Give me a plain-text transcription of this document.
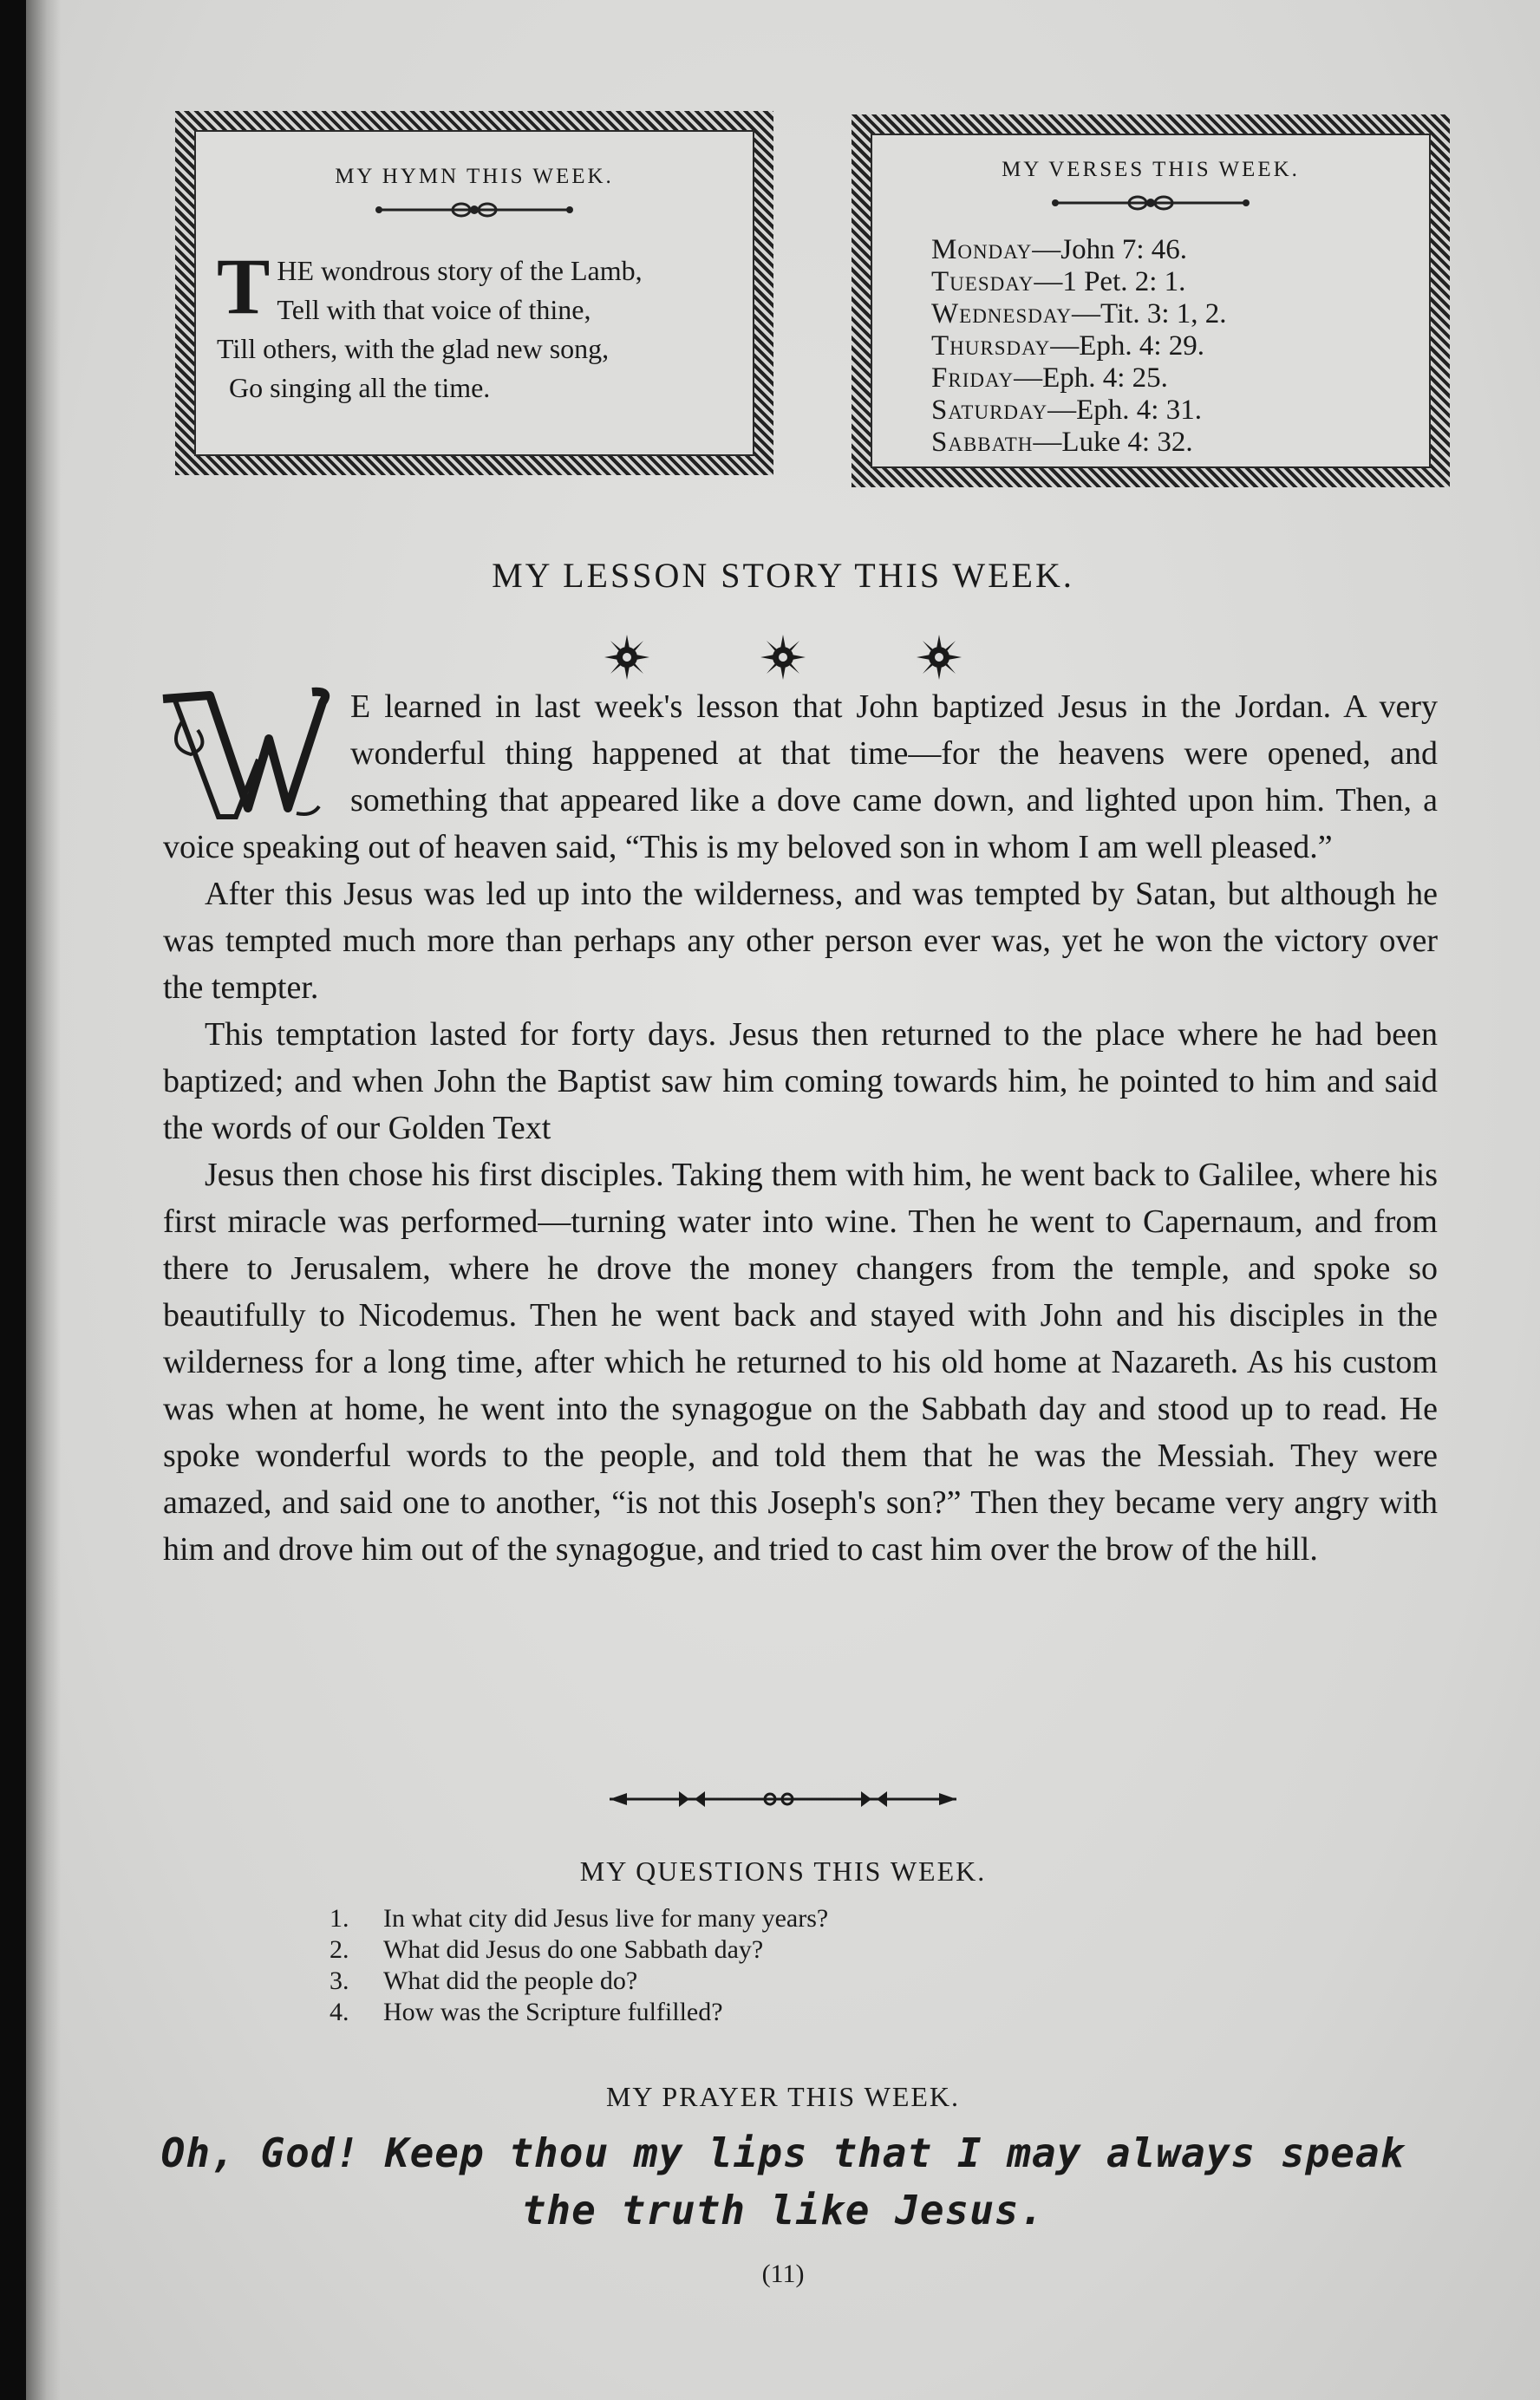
MY HYMN THIS WEEK.
T HE wondrous story of the Lamb,
Tell with that voice of thine,
Till others, with the glad new song,
Go singing all the time.
MY VERSES THIS WEEK.
Monday—John 7: 46.
Tuesday—1 Pet. 2: 1.
Wednesday—Tit. 3: 1, 2.
Thursday—Eph. 4: 29.
Friday—Eph. 4: 25.
Saturday—Eph. 4: 31.
Sabbath—Luke 4: 32.
MY LESSON STORY THIS WEEK.

E learned in last week's lesson that John baptized Jesus in the Jordan. A very wonderful thing happened at that time—for the heavens were opened, and something that appeared like a dove came down, and lighted upon him. Then, a voice speaking out of heaven said, “This is my beloved son in whom I am well pleased.”

After this Jesus was led up into the wilderness, and was tempted by Satan, but although he was tempted much more than perhaps any other person ever was, yet he won the victory over the tempter.

This temptation lasted for forty days. Jesus then returned to the place where he had been baptized; and when John the Baptist saw him coming towards him, he pointed to him and said the words of our Golden Text

Jesus then chose his first disciples. Taking them with him, he went back to Galilee, where his first miracle was performed—turning water into wine. Then he went to Capernaum, and from there to Jerusalem, where he drove the money changers from the temple, and spoke so beautifully to Nicodemus. Then he went back and stayed with John and his disciples in the wilderness for a long time, after which he returned to his old home at Nazareth. As his custom was when at home, he went into the synagogue on the Sabbath day and stood up to read. He spoke wonderful words to the people, and told them that he was the Messiah. They were amazed, and said one to another, “is not this Joseph's son?” Then they became very angry with him and drove him out of the synagogue, and tried to cast him over the brow of the hill.

MY QUESTIONS THIS WEEK.
1. In what city did Jesus live for many years?
2. What did Jesus do one Sabbath day?
3. What did the people do?
4. How was the Scripture fulfilled?
MY PRAYER THIS WEEK.
Oh, God! Keep thou my lips that I may always speak
the truth like Jesus.
(11)
